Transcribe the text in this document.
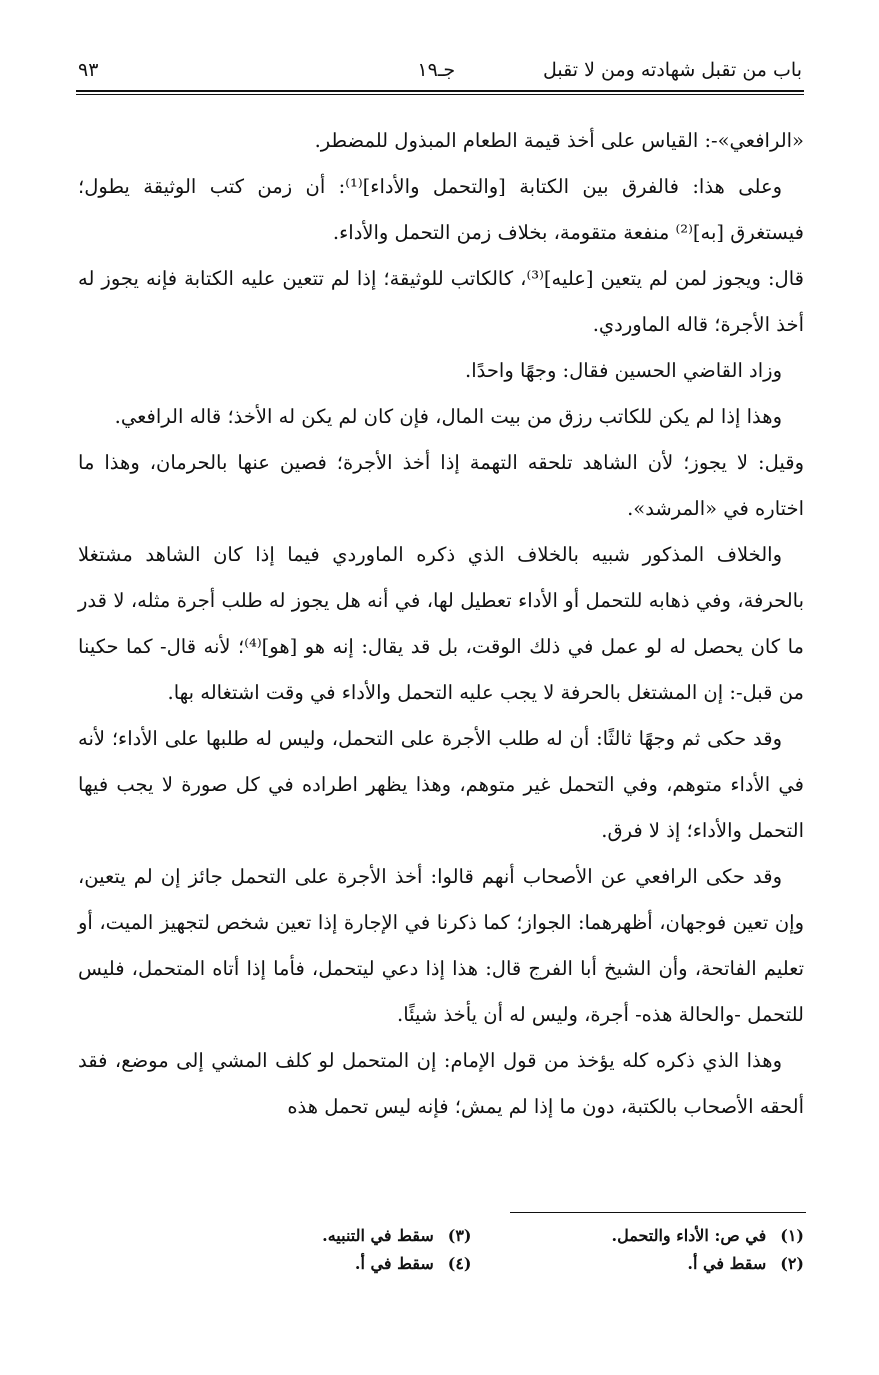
باب من تقبل شهادته ومن لا تقبل
جـ١٩
٩٣

«الرافعي»-: القياس على أخذ قيمة الطعام المبذول للمضطر.

وعلى هذا: فالفرق بين الكتابة [والتحمل والأداء]⁽¹⁾: أن زمن كتب الوثيقة يطول؛ فيستغرق [به]⁽²⁾ منفعة متقومة، بخلاف زمن التحمل والأداء.

قال: ويجوز لمن لم يتعين [عليه]⁽³⁾، كالكاتب للوثيقة؛ إذا لم تتعين عليه الكتابة فإنه يجوز له أخذ الأجرة؛ قاله الماوردي.

وزاد القاضي الحسين فقال: وجهًا واحدًا.

وهذا إذا لم يكن للكاتب رزق من بيت المال، فإن كان لم يكن له الأخذ؛ قاله الرافعي.

وقيل: لا يجوز؛ لأن الشاهد تلحقه التهمة إذا أخذ الأجرة؛ فصين عنها بالحرمان، وهذا ما اختاره في «المرشد».

والخلاف المذكور شبيه بالخلاف الذي ذكره الماوردي فيما إذا كان الشاهد مشتغلا بالحرفة، وفي ذهابه للتحمل أو الأداء تعطيل لها، في أنه هل يجوز له طلب أجرة مثله، لا قدر ما كان يحصل له لو عمل في ذلك الوقت، بل قد يقال: إنه هو [هو]⁽⁴⁾؛ لأنه قال- كما حكينا من قبل-: إن المشتغل بالحرفة لا يجب عليه التحمل والأداء في وقت اشتغاله بها.

وقد حكى ثم وجهًا ثالثًا: أن له طلب الأجرة على التحمل، وليس له طلبها على الأداء؛ لأنه في الأداء متوهم، وفي التحمل غير متوهم، وهذا يظهر اطراده في كل صورة لا يجب فيها التحمل والأداء؛ إذ لا فرق.

وقد حكى الرافعي عن الأصحاب أنهم قالوا: أخذ الأجرة على التحمل جائز إن لم يتعين، وإن تعين فوجهان، أظهرهما: الجواز؛ كما ذكرنا في الإجارة إذا تعين شخص لتجهيز الميت، أو تعليم الفاتحة، وأن الشيخ أبا الفرج قال: هذا إذا دعي ليتحمل، فأما إذا أتاه المتحمل، فليس للتحمل -والحالة هذه- أجرة، وليس له أن يأخذ شيئًا.

وهذا الذي ذكره كله يؤخذ من قول الإمام: إن المتحمل لو كلف المشي إلى موضع، فقد ألحقه الأصحاب بالكتبة، دون ما إذا لم يمش؛ فإنه ليس تحمل هذه

(١)
في ص: الأداء والتحمل.
(٢)
سقط في أ.
(٣)
سقط في التنبيه.
(٤)
سقط في أ.
